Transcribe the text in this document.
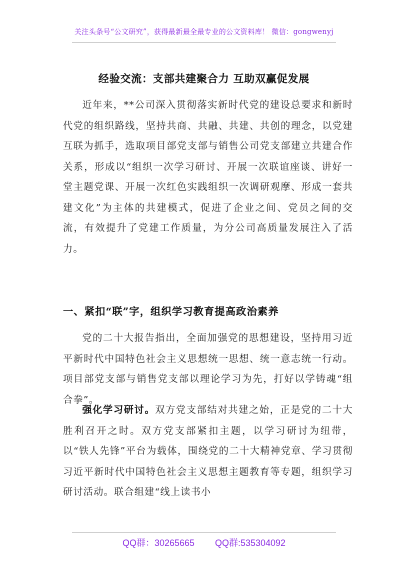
关注头条号“公文研究”，获得最新最全最专业的公文资料库！ 微信：gongwenyj
经验交流：支部共建聚合力 互助双赢促发展

近年来，**公司深入贯彻落实新时代党的建设总要求和新时代党的组织路线，坚持共商、共融、共建、共创的理念，以党建互联为抓手，选取项目部党支部与销售公司党支部建立共建合作关系，形成以“组织一次学习研讨、开展一次联谊座谈、讲好一堂主题党课、开展一次红色实践组织一次调研观摩、形成一套共建文化”为主体的共建模式，促进了企业之间、党员之间的交流，有效提升了党建工作质量，为分公司高质量发展注入了活力。

一、紧扣“联”字，组织学习教育提高政治素养

党的二十大报告指出，全面加强党的思想建设，坚持用习近平新时代中国特色社会主义思想统一思想、统一意志统一行动。项目部党支部与销售党支部以理论学习为先，打好以学铸魂“组合拳”。

强化学习研讨。双方党支部结对共建之始，正是党的二十大胜利召开之时。双方党支部紧扣主题，以学习研讨为纽带，以“铁人先锋”平台为载体，围绕党的二十大精神党章、学习贯彻习近平新时代中国特色社会主义思想主题教育等专题，组织学习研讨活动。联合组建“线上读书小

QQ群：30265665 QQ群:535304092
